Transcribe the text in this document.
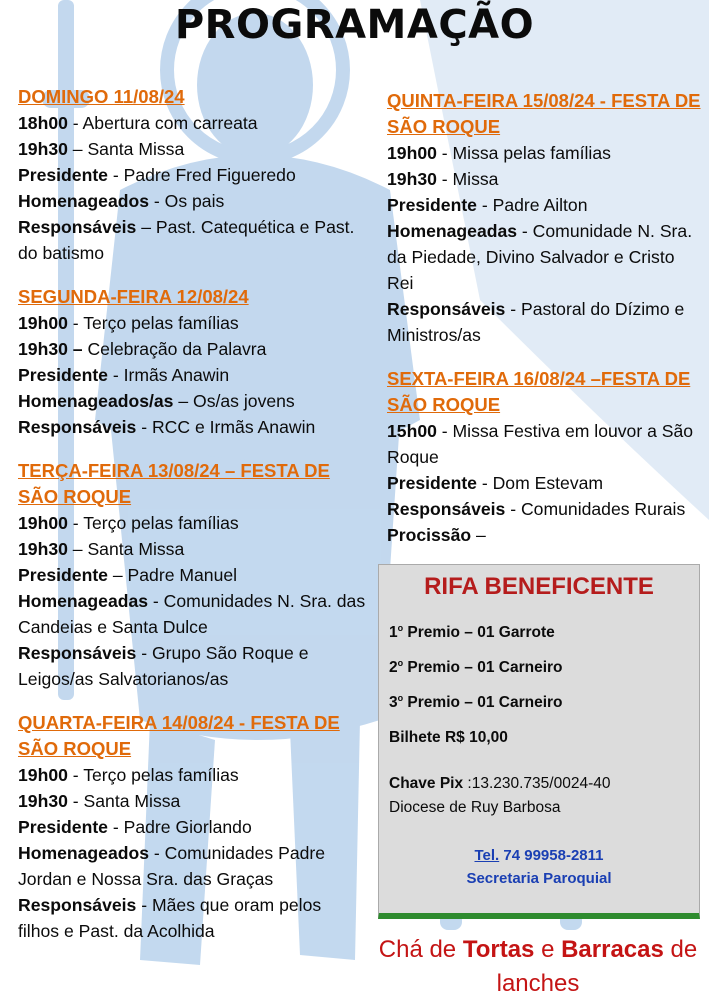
PROGRAMAÇÃO
DOMINGO 11/08/24
18h00 - Abertura com carreata
19h30 – Santa Missa
Presidente - Padre Fred Figueredo
Homenageados - Os pais
Responsáveis – Past. Catequética e Past. do batismo
SEGUNDA-FEIRA 12/08/24
19h00 - Terço pelas famílias
19h30 – Celebração da Palavra
Presidente - Irmãs Anawin
Homenageados/as – Os/as jovens
Responsáveis - RCC e Irmãs Anawin
TERÇA-FEIRA 13/08/24 – FESTA DE SÃO ROQUE
19h00 - Terço pelas famílias
19h30 – Santa Missa
Presidente – Padre Manuel
Homenageadas - Comunidades N. Sra. das Candeias e Santa Dulce
Responsáveis - Grupo São Roque e Leigos/as Salvatorianos/as
QUARTA-FEIRA 14/08/24 - FESTA DE SÃO ROQUE
19h00 - Terço pelas famílias
19h30 - Santa Missa
Presidente - Padre Giorlando
Homenageados - Comunidades Padre Jordan e Nossa Sra. das Graças
Responsáveis - Mães que oram pelos filhos e Past. da Acolhida
QUINTA-FEIRA 15/08/24 - FESTA DE SÃO ROQUE
19h00 - Missa pelas famílias
19h30 - Missa
Presidente - Padre Ailton
Homenageadas - Comunidade N. Sra. da Piedade, Divino Salvador e Cristo Rei
Responsáveis - Pastoral do Dízimo e Ministros/as
SEXTA-FEIRA 16/08/24 –FESTA DE SÃO ROQUE
15h00 - Missa Festiva em louvor a São Roque
Presidente - Dom Estevam
Responsáveis - Comunidades Rurais
Procissão –
RIFA BENEFICENTE
1$^o$ Premio – 01 Garrote
2$^o$ Premio – 01 Carneiro
3$^o$ Premio – 01 Carneiro
Bilhete R$ 10,00
Chave Pix :13.230.735/0024-40
Diocese de Ruy Barbosa
Tel. 74 99958-2811
Secretaria Paroquial
Chá de Tortas e Barracas de
lanches
